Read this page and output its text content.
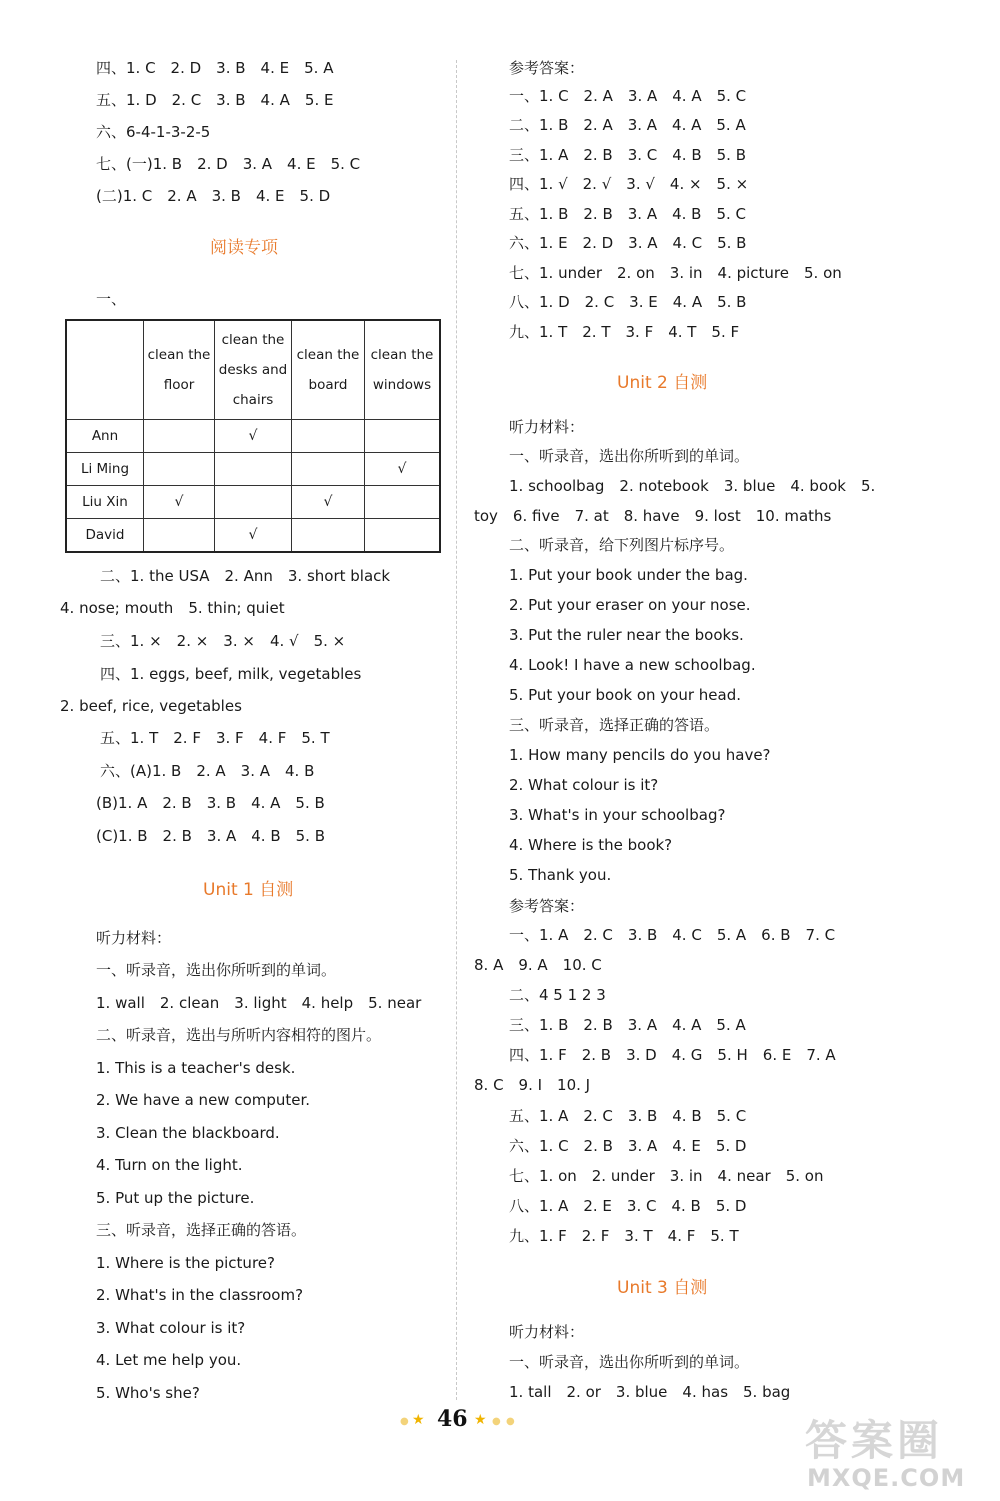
四、1. C　2. D　3. B　4. E　5. A
五、1. D　2. C　3. B　4. A　5. E
六、6-4-1-3-2-5
七、(一)1. B　2. D　3. A　4. E　5. C
(二)1. C　2. A　3. B　4. E　5. D
阅读专项
一、

	clean the floor	clean the desks and chairs	clean the board	clean the windows

Ann		√		
Li Ming				√
Liu Xin	√		√	
David		√		
二、1. the USA　2. Ann　3. short black
4. nose; mouth　5. thin; quiet
三、1. ×　2. ×　3. ×　4. √　5. ×
四、1. eggs, beef, milk, vegetables
2. beef, rice, vegetables
五、1. T　2. F　3. F　4. F　5. T
六、(A)1. B　2. A　3. A　4. B
(B)1. A　2. B　3. B　4. A　5. B
(C)1. B　2. B　3. A　4. B　5. B
Unit 1 自测
听力材料：
一、听录音，选出你所听到的单词。
1. wall　2. clean　3. light　4. help　5. near
二、听录音，选出与所听内容相符的图片。
1. This is a teacher's desk.
2. We have a new computer.
3. Clean the blackboard.
4. Turn on the light.
5. Put up the picture.
三、听录音，选择正确的答语。
1. Where is the picture?
2. What's in the classroom?
3. What colour is it?
4. Let me help you.
5. Who's she?
参考答案：
一、1. C　2. A　3. A　4. A　5. C
二、1. B　2. A　3. A　4. A　5. A
三、1. A　2. B　3. C　4. B　5. B
四、1. √　2. √　3. √　4. ×　5. ×
五、1. B　2. B　3. A　4. B　5. C
六、1. E　2. D　3. A　4. C　5. B
七、1. under　2. on　3. in　4. picture　5. on
八、1. D　2. C　3. E　4. A　5. B
九、1. T　2. T　3. F　4. T　5. F
Unit 2 自测
听力材料：
一、听录音，选出你所听到的单词。
1. schoolbag　2. notebook　3. blue　4. book　5.
toy　6. five　7. at　8. have　9. lost　10. maths
二、听录音，给下列图片标序号。
1. Put your book under the bag.
2. Put your eraser on your nose.
3. Put the ruler near the books.
4. Look! I have a new schoolbag.
5. Put your book on your head.
三、听录音，选择正确的答语。
1. How many pencils do you have?
2. What colour is it?
3. What's in your schoolbag?
4. Where is the book?
5. Thank you.
参考答案：
一、1. A　2. C　3. B　4. C　5. A　6. B　7. C
8. A　9. A　10. C
二、4 5 1 2 3
三、1. B　2. B　3. A　4. A　5. A
四、1. F　2. B　3. D　4. G　5. H　6. E　7. A
8. C　9. I　10. J
五、1. A　2. C　3. B　4. B　5. C
六、1. C　2. B　3. A　4. E　5. D
七、1. on　2. under　3. in　4. near　5. on
八、1. A　2. E　3. C　4. B　5. D
九、1. F　2. F　3. T　4. F　5. T
Unit 3 自测
听力材料：
一、听录音，选出你所听到的单词。
1. tall　2. or　3. blue　4. has　5. bag
● ★ 46 ★ ● ●	答案圈
MXQE.COM
